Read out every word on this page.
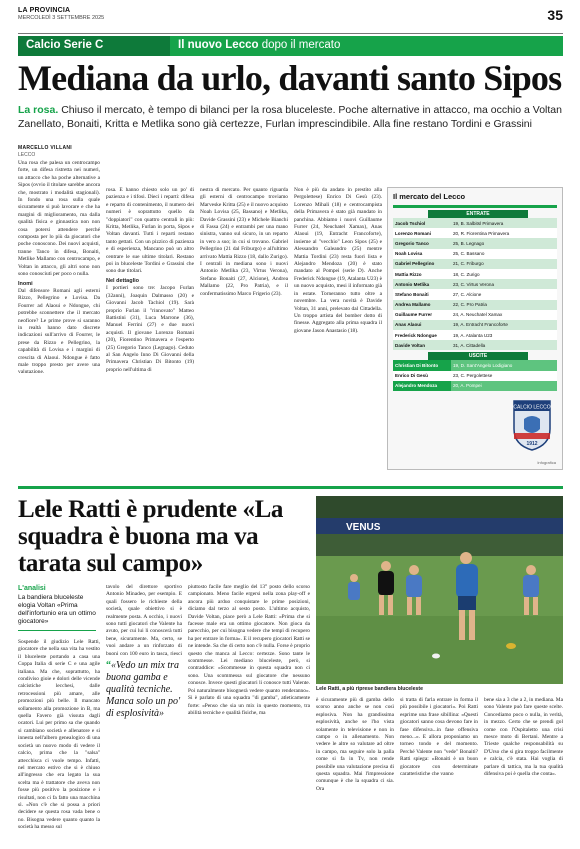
LA PROVINCIA
MERCOLEDÌ 3 SETTEMBRE 2025	35
Calcio Serie C	Il nuovo Lecco dopo il mercato
Mediana da urlo, davanti santo Sipos
La rosa. Chiuso il mercato, è tempo di bilanci per la rosa bluceleste. Poche alternative in attacco, ma occhio a Voltan Zanellato, Bonaiti, Kritta e Metlika sono già certezze, Furlan imprescindibile. Alla fine restano Tordini e Grassini
MARCELLO VILLANI
LECCO
Una rosa che palesa un centrocampo forte, un difesa ristretta nei numeri, un attacco che ha poche alternative a Sipos (ovvio il titolare sarebbe ancora che, mostrato i modalità stagionali). In fondo una rosa sulla quale sicuramente si può lavorare e che ha margini di miglioramento, ma dalla qualità fisica e ginnastica non non cosa potersi attendere perché composta per lo più da giocatori che poche conoscono. Dei nuovi acquisti, tranne Tanco in difesa, Bonaiti, Metlike Mallamo con centrocampo, e Voltan in attacco, gli altri sono non sono conosciuti per poco o nulla.
Inomi
Dal difensore Romani agli esterni Rizzo, Pellegrino e Lovisa. Da Fourrer ad Alaoui e Ndongue, chi potrebbe sconnettere che il mercato neofiore? Le prime prove si saranno in realtà hanno dato discrete indicazioni sull'arrivo di Fourrer, le prese da Rizzo e Pellegrino, la capabilità di Lovisa e i margini di crescita di Alaoui. Ndongue è fatto male troppo presto per avere una valutazione.
rosa. E hanno chiesto solo un po' di pazienza e i tifosi. Dieci i reparti: difesa e reparto di contenimento, il numero dei numeri è soprattutto quello da "doppiatori" con quattro centrali in più: Kritta, Metlika, Furlan in porta, Sipos e Voltan davanti. Tutti i reparti restano tanto gettati. Con un pizzico di pazienza e di esperienza, Mancano può un altro centrare le sue ultime titolari. Restano poi in bluceleste Tordini e Grassini che sono due titolari.
Nel dettaglio
I portieri sono tre: Jacopo Furlan (32anni), Joaquin Dalmasso (20) e Giovanni Jacob Tachiol (19). Sarà proprio Furlan il "rinnovato" Matteo Battistini (31), Luca Marrone (36), Manuel Ferrini (27) e due nuovi acquisti. Il giovane Lorenzo Romani (20), Fiorentino Primavera e l'esperto (25) Gregorio Tanco (Legnago). Ceduto al San Angelo Inno Di Giovanni della Primavera Christian Di Bitonto (19) proprio nell'ultima di
nestra di mercato. Per quanto riguarda gli esterni di centrocampo troviamo Marveske Kritta (25) e il nuovo acquisto Noah Lovisa (25, Bassano) e Metlika, Davide Grassini (23) e Michele Bianchi di Fassa (24) e entrambi per una mano sinistra, vanno sul sicuro, in un reparto in vero a suo; in cui si trovano. Gabriel Pellegrino (21 dal Friburgo) e all'ultimo arrivato Mattia Rizzo (18, dallo Zurigo). I centrali in mediana sono i nuovi Antonio Metlika (23, Virtus Verona), Stefano Bonaiti (27, Alcione), Andrea Mallamo (22, Pro Patria), e il confermatissimo Marco Frigerio (23).
Non è più da andato in prestito alla Pergolettese) Enrico Di Gesù (23). Lorenzo Mihali (18) e centrocampista della Primavera è stato già mandato in panchina. Abbiamo i nuovi Guillaume Furrer (24, Neuchatel Xamax), Anas Alaoui (19, Entracht Francoforte), insieme al "vecchio" Leon Sipos (25) e Alessandro Galeandro (25) mentre Mattia Tordini (23) resta fuori lista e Alejandro Mendoza (20) è stato mandato al Pompei (serie D). Anche Frederick Ndongue (19, Atalanta U23) è un nuovo acquisto, mesi il informato già in estate. Torneranno tutto oltre a novembre. La vera novità è Davide Voltan, 31 anni, prelevato dal Cittadella. Un troppo artista del bomber dotto di finesse. Aggregato alla prima squadra il giovane Jason Anastasio (18).
Il mercato del Lecco
ENTRATE
Jacob Tschiol	19, B. Salbitsl Primavera
Lorenzo Romani	20, R. Fiorentina Primavera
Gregorio Tanco	25, B. Legnago
Noah Lovisa	25, C. Bassano
Gabriel Pellegrino	21, C. Friburgo
Mattia Rizzo	18, C. Zurigo
Antonio Metlika	23, C. Virtus Verona
Stefano Bonaiti	27, C. Alcione
Andrea Mallamo	22, C. Pro Patria
Guillaume Furrer	24, A. Neuchatel Xamax
Anas Alaoui	19, A. Entracht Francoforte
Frederick Ndongue	19, A. Atalanta U23
Davide Voltan	31, A. Cittadella
USCITE
Christian Di Bitonto	19, D. Sant'Angelo Lodigiano
Enrico Di Gesù	23, C. Pergolettese
Alejandro Mendoza	20, A. Pompei
CALCIO LECCO
1912
Infografica
Lele Ratti è prudente «La squadra è buona ma va tarata sul campo»
L'analisi
La bandiera bluceleste elogia Voltan «Prima dell'infortunio era un ottimo giocatore»
Sospende il giudizio Lele Ratti, giocatore che nella sua vita ha vestito il bluceleste portando a casa una Coppa Italia di serie C e una agile italiana. Ma che, soprattutto, ha condiviso gioie e dolori delle vicende calcistiche lecchesi, dalle retrocessioni più amare, alle promozioni più belle. Il mancato sollamento alla promozione in B, ma quella Favero già vissuta dagli ocatori. Lui per primo sa che quando si cambiano società e allenatore e si innesta nell'albero genealogico di una società un nuovo modo di vedere il calcio, prima che la "salsa" attecchisca ci vuole tempo. Infatti, nel mercato estivo che si è chiuso all'ingresso che era legato la sua scelta ma è trattatore che aveva non fosse più positivo la posizione e i risultati, non ci fa fatto una macchina sì. «Non c'è che si possa a priori decidere se questa rosa vada bene o no. Bisogna vedere quanto quanto la società ha messo sul
tavolo del direttore sportivo Antonio Minadeo, per esempio. E quali fossero le richieste della società, quale obiettivo si è realmente posta. A occhio, i nuovi sono tutti giocatori che Valente ha avuto, per cui lui li conoscerà tutti bene, sicuramente. Ma, certo, se vuoi andare a un rinforzato di buoni con 100 euro in tasca, riesci
“«Vedo un mix tra buona gamba e qualità tecniche. Manca solo un po' di esplosività»
piuttosto facile fare meglio del 13° posto dello scorso campionato. Meno facile ergersi nella zona play-off e ancora più arduo conquistare le prime posizioni, diciamo dal terzo al sesto posto. L'ultimo acquisto, Davide Voltan, piace però a Lele Ratti: «Prima che si facesse male era un ottimo giocatore. Non gioca da parecchio, per cui bisogna vedere che tempi di recupero ha per entrare in forma». E il recupero giocatori Ratti se ne intende. Sa che di certo non c'è nulla. Forse è proprio questo che manca al Lecco: certezze. Sono tante le scommesse. Lei mediano bluceleste, però, si contraddice: «Scommesse in questa squadra non ci sono. Una scommessa sul giocatore che nessuno conosce. Invece questi giocatori li conosce tutti Valente. Poi naturalmente bisognerà vedere quanto renderanno». Si è parlato di una squadra "di gamba", atleticamente forte: «Penso che sia un mix in questo momento, tra abilità tecniche e qualità fisiche, ma
VENUS
Lele Ratti, a più riprese bandiera bluceleste
è sicuramente più di gamba dello scorso anno anche se non così esplosiva. Non ha grandissima esplosività, anche se l'ho vista solamente in televisione e non in campo o in allenamento. Non vedere le altre so valutare ad oltre in campo, ma seguire solo la palla come si fa in Tv, non rende possibile una valutazione precisa di questa squadra. Mai l'impressione comunque è che la squadra ci sia. Ora
si tratta di farla entrare in forma il più possibile i giocatori». Poi Ratti esprime una frase sibillina: «Questi giocatori sanno cosa devono fare in fase difensiva...in fase offensiva meno...». E allora proponiamo un torneo tondo e del momento. Perché Valente non "vede" Bonaiti? Ratti spiega: «Bonaiti è un buon giocatore con determinate caratteristiche che vanno
bene sia a 3 che a 2, in mediana. Ma sono Valente può fare queste scelte. Concediamo poco o nulla, in verità, in mezzo. Certo che se prendi gol come con l'Ospitaletto una crisi mesce moto di Bertani. Mentre a Trieste qualche responsabilità su D'Urso che si gira troppo facilmente e calcia, c'è stata. Hai voglia di parlare di tattica, ma la tua qualità difensiva poi è quella che conta».
